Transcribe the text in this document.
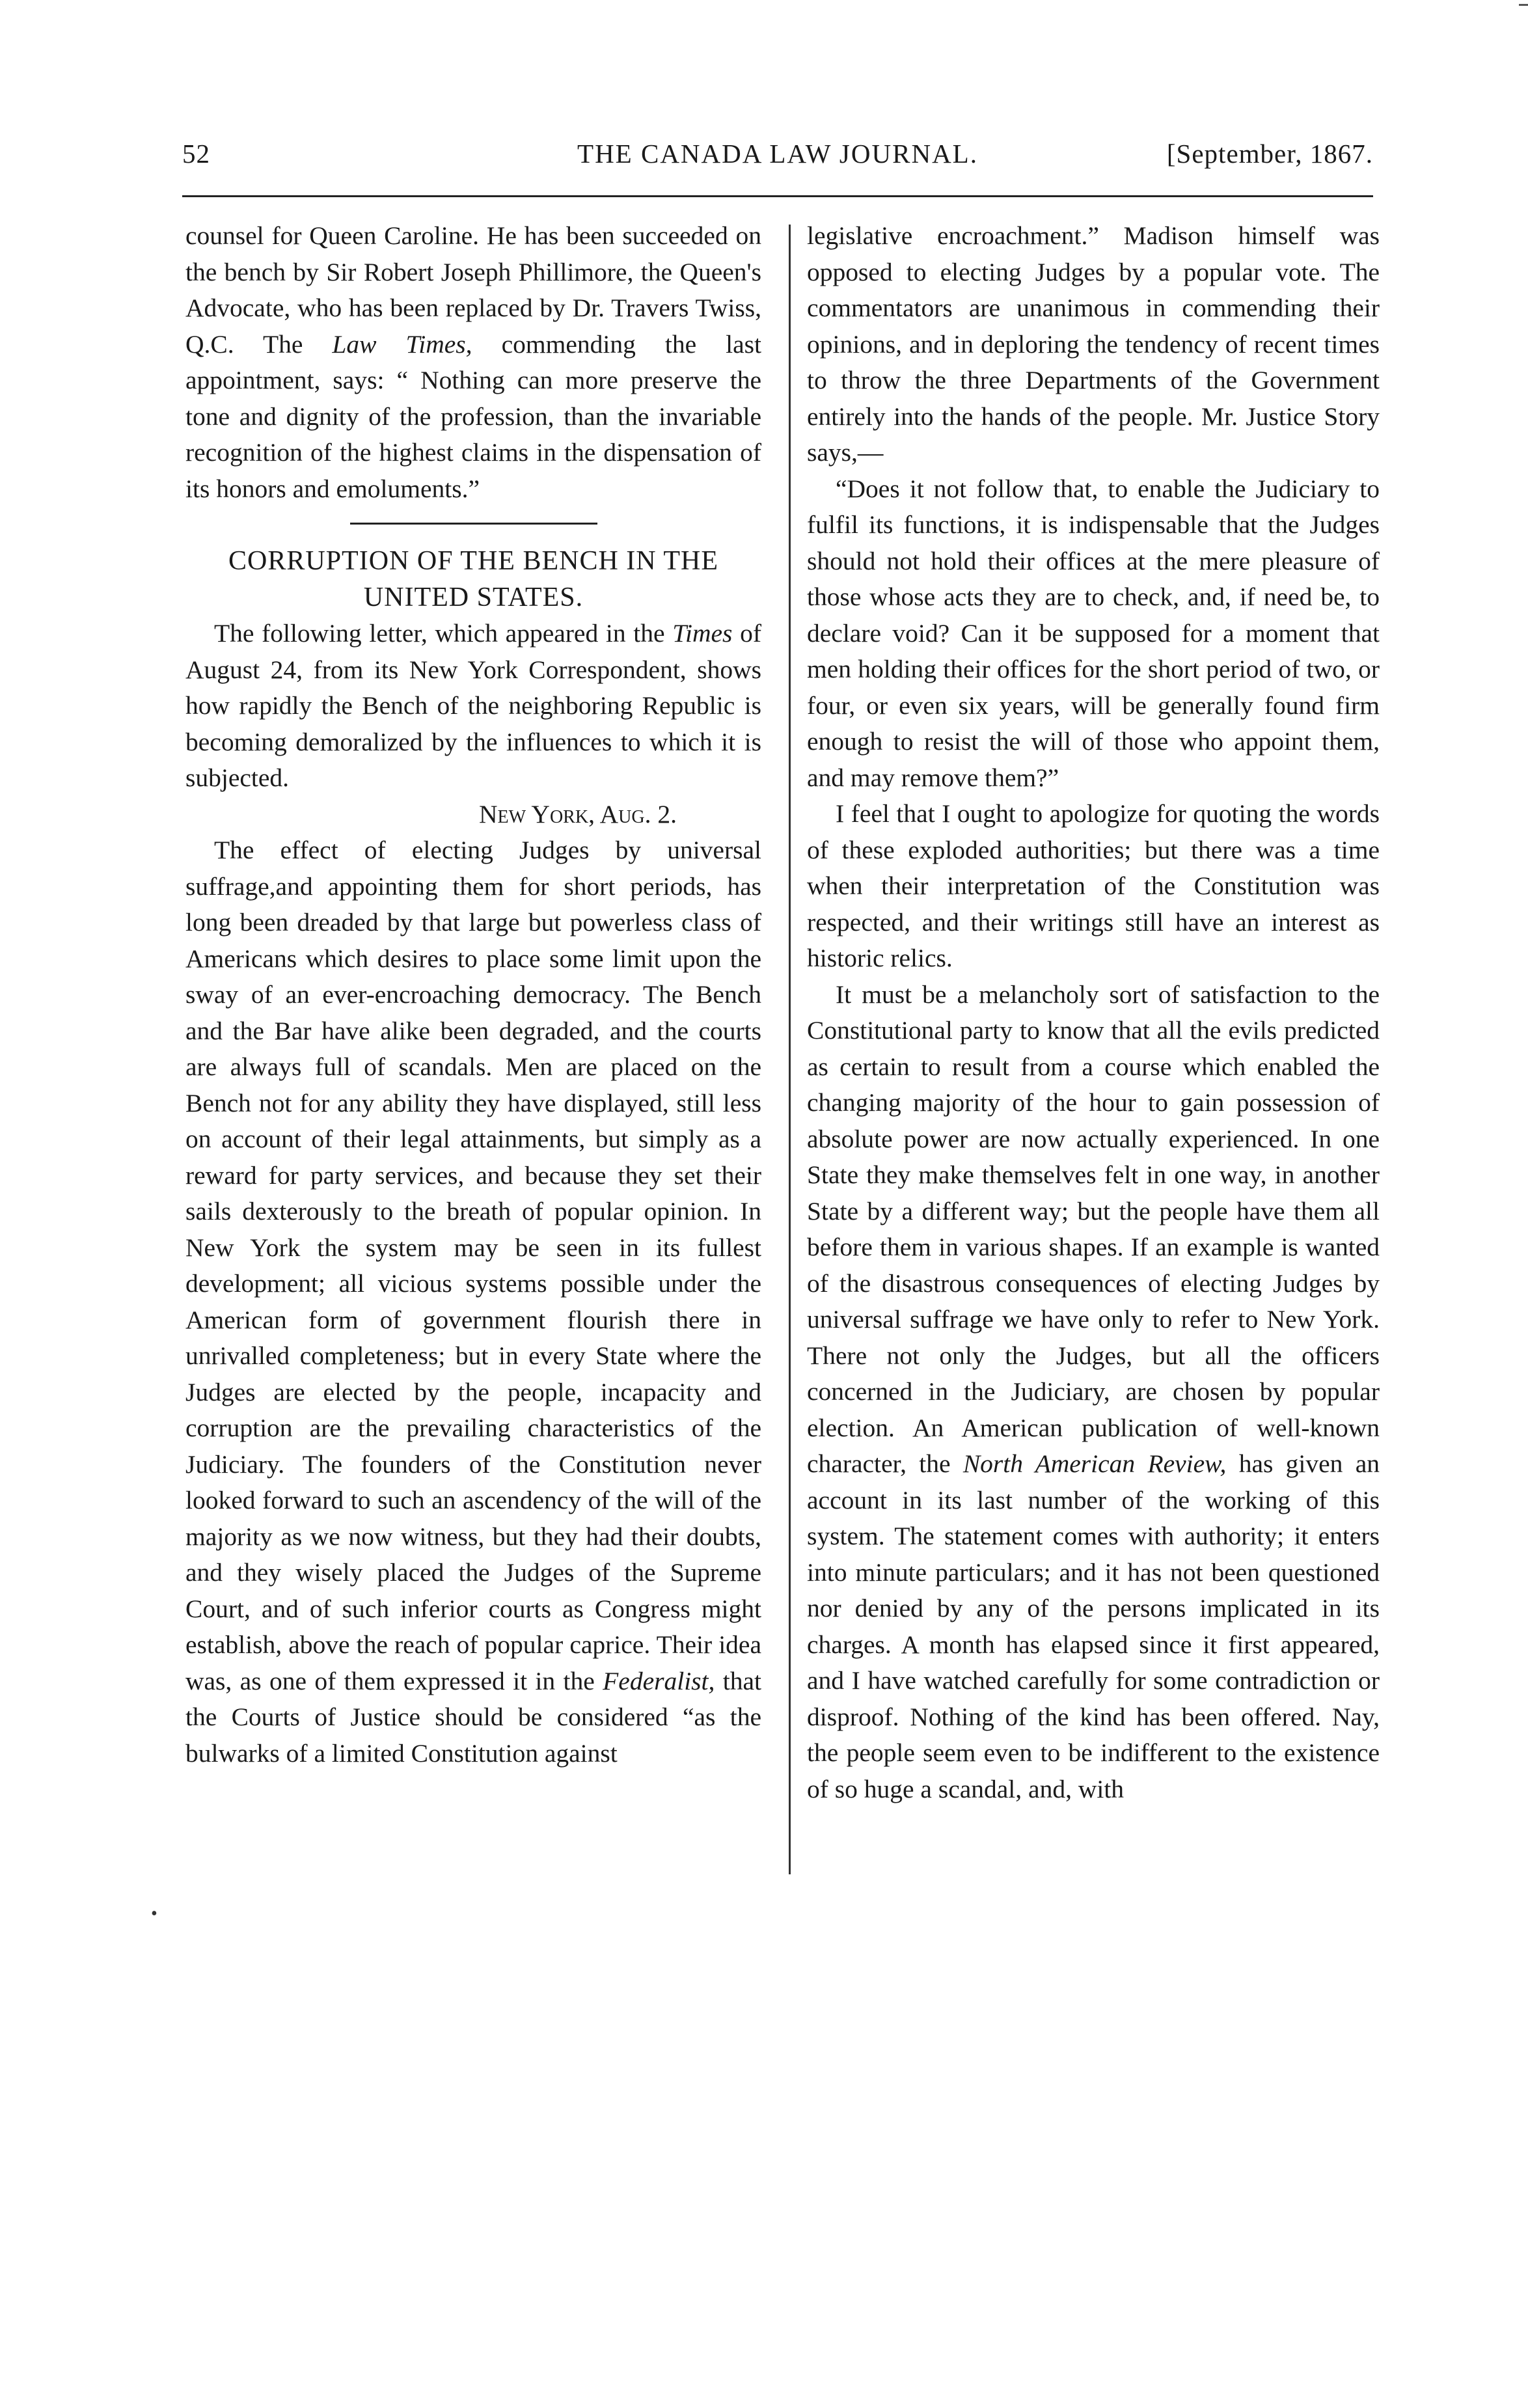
52	THE CANADA LAW JOURNAL.	[September, 1867.

counsel for Queen Caroline. He has been succeeded on the bench by Sir Robert Joseph Phillimore, the Queen's Advocate, who has been replaced by Dr. Travers Twiss, Q.C. The Law Times, commending the last appointment, says: “ Nothing can more preserve the tone and dignity of the profession, than the invariable recognition of the highest claims in the dispensation of its honors and emoluments.”

CORRUPTION OF THE BENCH IN THE UNITED STATES.

The following letter, which appeared in the Times of August 24, from its New York Correspondent, shows how rapidly the Bench of the neighboring Republic is becoming demoralized by the influences to which it is subjected.

New York, Aug. 2.

The effect of electing Judges by universal suffrage,and appointing them for short periods, has long been dreaded by that large but powerless class of Americans which desires to place some limit upon the sway of an ever-encroaching democracy. The Bench and the Bar have alike been degraded, and the courts are always full of scandals. Men are placed on the Bench not for any ability they have displayed, still less on account of their legal attainments, but simply as a reward for party services, and because they set their sails dexterously to the breath of popular opinion. In New York the system may be seen in its fullest development; all vicious systems possible under the American form of government flourish there in unrivalled completeness; but in every State where the Judges are elected by the people, incapacity and corruption are the prevailing characteristics of the Judiciary. The founders of the Constitution never looked forward to such an ascendency of the will of the majority as we now witness, but they had their doubts, and they wisely placed the Judges of the Supreme Court, and of such inferior courts as Congress might establish, above the reach of popular caprice. Their idea was, as one of them expressed it in the Federalist, that the Courts of Justice should be considered “as the bulwarks of a limited Constitution against

legislative encroachment.” Madison himself was opposed to electing Judges by a popular vote. The commentators are unanimous in commending their opinions, and in deploring the tendency of recent times to throw the three Departments of the Government entirely into the hands of the people. Mr. Justice Story says,—

“Does it not follow that, to enable the Judiciary to fulfil its functions, it is indispensable that the Judges should not hold their offices at the mere pleasure of those whose acts they are to check, and, if need be, to declare void? Can it be supposed for a moment that men holding their offices for the short period of two, or four, or even six years, will be generally found firm enough to resist the will of those who appoint them, and may remove them?”

I feel that I ought to apologize for quoting the words of these exploded authorities; but there was a time when their interpretation of the Constitution was respected, and their writings still have an interest as historic relics.

It must be a melancholy sort of satisfaction to the Constitutional party to know that all the evils predicted as certain to result from a course which enabled the changing majority of the hour to gain possession of absolute power are now actually experienced. In one State they make themselves felt in one way, in another State by a different way; but the people have them all before them in various shapes. If an example is wanted of the disastrous consequences of electing Judges by universal suffrage we have only to refer to New York. There not only the Judges, but all the officers concerned in the Judiciary, are chosen by popular election. An American publication of well-known character, the North American Review, has given an account in its last number of the working of this system. The statement comes with authority; it enters into minute particulars; and it has not been questioned nor denied by any of the persons implicated in its charges. A month has elapsed since it first appeared, and I have watched carefully for some contradiction or disproof. Nothing of the kind has been offered. Nay, the people seem even to be indifferent to the existence of so huge a scandal, and, with

•
